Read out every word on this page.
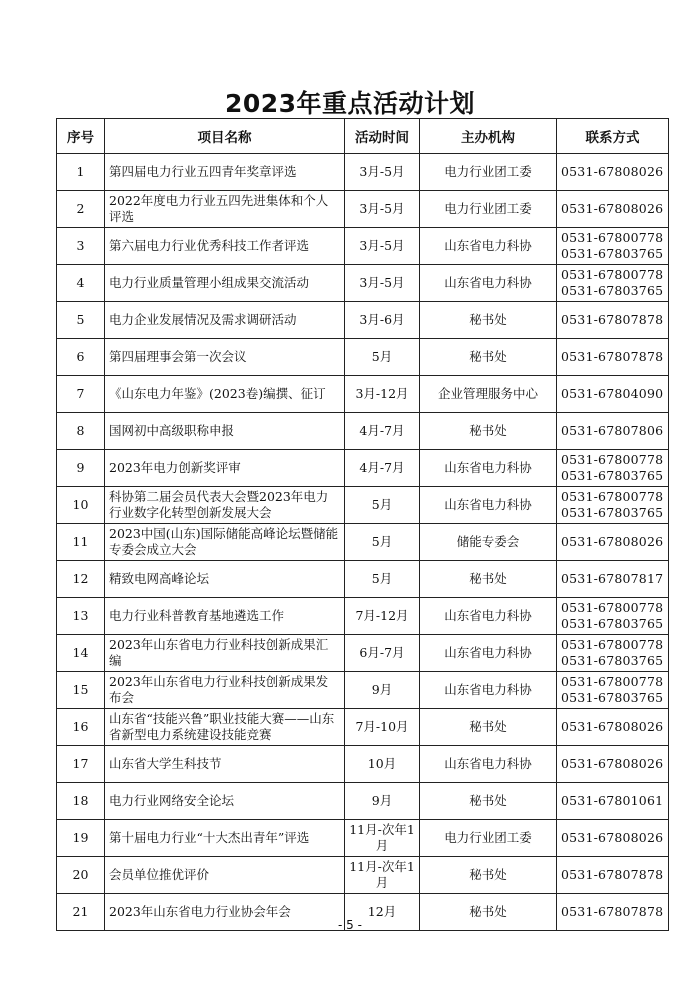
2023年重点活动计划
序号	项目名称	活动时间	主办机构	联系方式
1	第四届电力行业五四青年奖章评选	3月-5月	电力行业团工委	0531-67808026

2	2022年度电力行业五四先进集体和个人评选	3月-5月	电力行业团工委	0531-67808026

3	第六届电力行业优秀科技工作者评选	3月-5月	山东省电力科协	0531-67800778
0531-67803765

4	电力行业质量管理小组成果交流活动	3月-5月	山东省电力科协	0531-67800778
0531-67803765

5	电力企业发展情况及需求调研活动	3月-6月	秘书处	0531-67807878

6	第四届理事会第一次会议	5月	秘书处	0531-67807878

7	《山东电力年鉴》(2023卷)编撰、征订	3月-12月	企业管理服务中心	0531-67804090

8	国网初中高级职称申报	4月-7月	秘书处	0531-67807806

9	2023年电力创新奖评审	4月-7月	山东省电力科协	0531-67800778
0531-67803765

10	科协第二届会员代表大会暨2023年电力行业数字化转型创新发展大会	5月	山东省电力科协	0531-67800778
0531-67803765

11	2023中国(山东)国际储能高峰论坛暨储能专委会成立大会	5月	储能专委会	0531-67808026

12	精致电网高峰论坛	5月	秘书处	0531-67807817

13	电力行业科普教育基地遴选工作	7月-12月	山东省电力科协	0531-67800778
0531-67803765

14	2023年山东省电力行业科技创新成果汇编	6月-7月	山东省电力科协	0531-67800778
0531-67803765

15	2023年山东省电力行业科技创新成果发布会	9月	山东省电力科协	0531-67800778
0531-67803765

16	山东省“技能兴鲁”职业技能大赛——山东省新型电力系统建设技能竞赛	7月-10月	秘书处	0531-67808026

17	山东省大学生科技节	10月	山东省电力科协	0531-67808026

18	电力行业网络安全论坛	9月	秘书处	0531-67801061

19	第十届电力行业“十大杰出青年”评选	11月-次年1月	电力行业团工委	0531-67808026

20	会员单位推优评价	11月-次年1月	秘书处	0531-67807878

21	2023年山东省电力行业协会年会	12月	秘书处	0531-67807878
- 5 -
